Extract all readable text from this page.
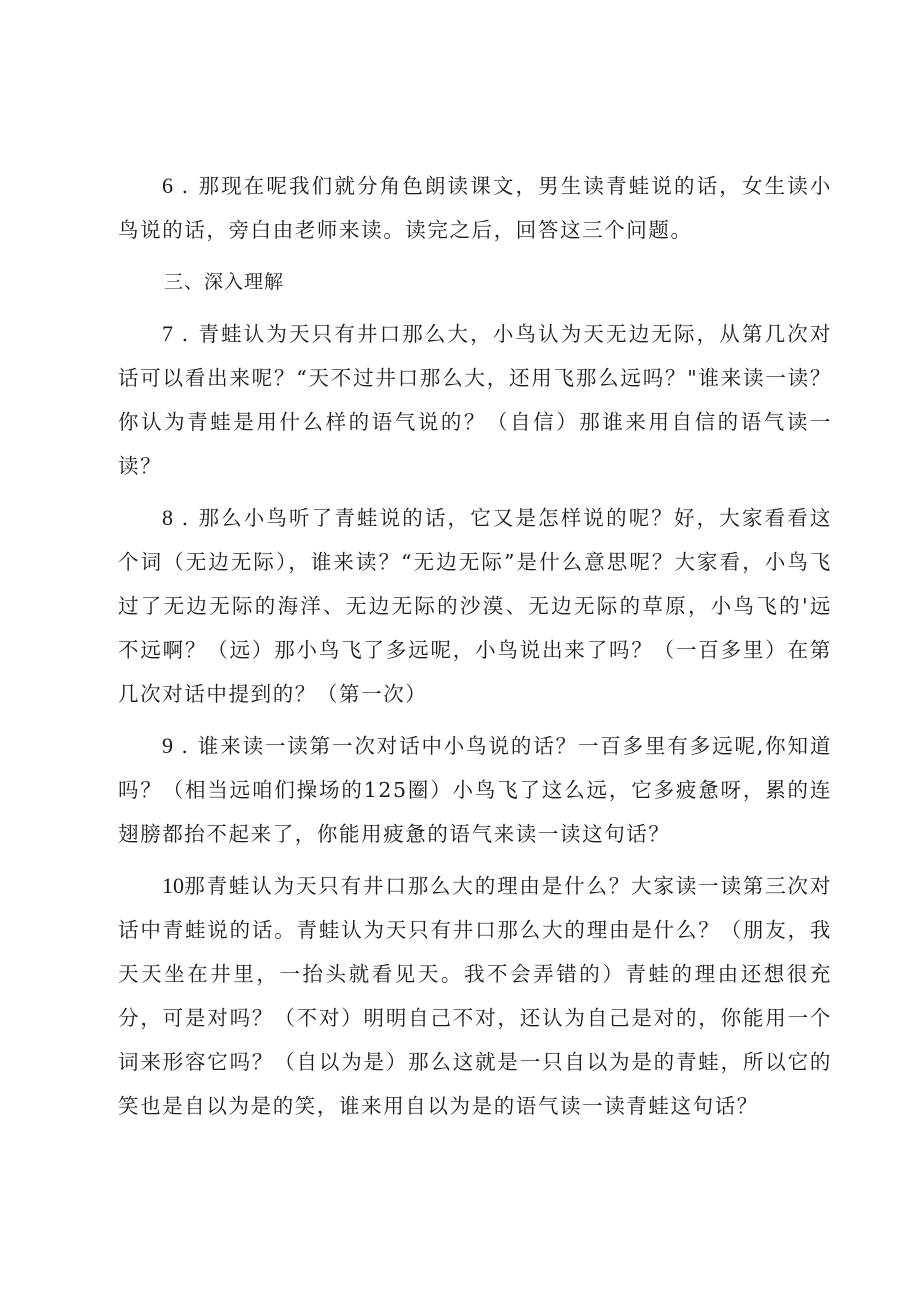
6 . 那现在呢我们就分角色朗读课文，男生读青蛙说的话，女生读小鸟说的话，旁白由老师来读。读完之后，回答这三个问题。

三、深入理解

7 . 青蛙认为天只有井口那么大，小鸟认为天无边无际，从第几次对话可以看出来呢？“天不过井口那么大，还用飞那么远吗？"谁来读一读？你认为青蛙是用什么样的语气说的？（自信）那谁来用自信的语气读一读？

8 . 那么小鸟听了青蛙说的话，它又是怎样说的呢？好，大家看看这个词（无边无际），谁来读？“无边无际”是什么意思呢？大家看，小鸟飞过了无边无际的海洋、无边无际的沙漠、无边无际的草原，小鸟飞的'远不远啊？（远）那小鸟飞了多远呢，小鸟说出来了吗？（一百多里）在第几次对话中提到的？（第一次）

9 . 谁来读一读第一次对话中小鸟说的话？一百多里有多远呢,你知道吗？（相当远咱们操场的125圈）小鸟飞了这么远，它多疲惫呀，累的连翅膀都抬不起来了，你能用疲惫的语气来读一读这句话？

10那青蛙认为天只有井口那么大的理由是什么？大家读一读第三次对话中青蛙说的话。青蛙认为天只有井口那么大的理由是什么？（朋友，我天天坐在井里，一抬头就看见天。我不会弄错的）青蛙的理由还想很充分，可是对吗？（不对）明明自己不对，还认为自己是对的，你能用一个词来形容它吗？（自以为是）那么这就是一只自以为是的青蛙，所以它的笑也是自以为是的笑，谁来用自以为是的语气读一读青蛙这句话？
